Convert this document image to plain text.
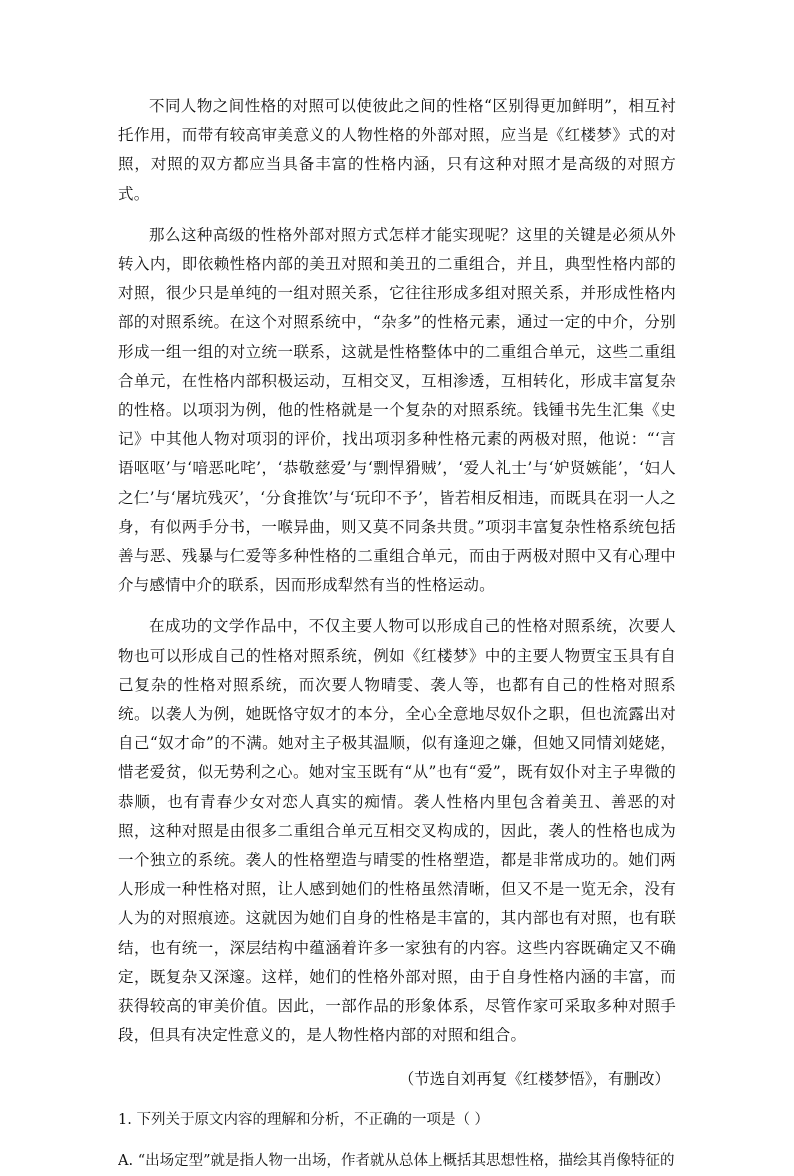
不同人物之间性格的对照可以使彼此之间的性格“区别得更加鲜明”，相互衬托作用，而带有较高审美意义的人物性格的外部对照，应当是《红楼梦》式的对照，对照的双方都应当具备丰富的性格内涵，只有这种对照才是高级的对照方式。

那么这种高级的性格外部对照方式怎样才能实现呢？这里的关键是必须从外转入内，即依赖性格内部的美丑对照和美丑的二重组合，并且，典型性格内部的对照，很少只是单纯的一组对照关系，它往往形成多组对照关系，并形成性格内部的对照系统。在这个对照系统中，“杂多”的性格元素，通过一定的中介，分别形成一组一组的对立统一联系，这就是性格整体中的二重组合单元，这些二重组合单元，在性格内部积极运动，互相交叉，互相渗透，互相转化，形成丰富复杂的性格。以项羽为例，他的性格就是一个复杂的对照系统。钱锺书先生汇集《史记》中其他人物对项羽的评价，找出项羽多种性格元素的两极对照，他说：“‘言语呕呕’与‘喑恶叱咤’，‘恭敬慈爱’与‘剽悍猾贼’，‘爱人礼士’与‘妒贤嫉能’，‘妇人之仁’与‘屠坑残灭’，‘分食推饮’与‘玩印不予’，皆若相反相违，而既具在羽一人之身，有似两手分书，一喉异曲，则又莫不同条共贯。”项羽丰富复杂性格系统包括善与恶、残暴与仁爱等多种性格的二重组合单元，而由于两极对照中又有心理中介与感情中介的联系，因而形成犁然有当的性格运动。

在成功的文学作品中，不仅主要人物可以形成自己的性格对照系统，次要人物也可以形成自己的性格对照系统，例如《红楼梦》中的主要人物贾宝玉具有自己复杂的性格对照系统，而次要人物晴雯、袭人等，也都有自己的性格对照系统。以袭人为例，她既恪守奴才的本分，全心全意地尽奴仆之职，但也流露出对自己“奴才命”的不满。她对主子极其温顺，似有逢迎之嫌，但她又同情刘姥姥，惜老爱贫，似无势利之心。她对宝玉既有“从”也有“爱”，既有奴仆对主子卑微的恭顺，也有青春少女对恋人真实的痴情。袭人性格内里包含着美丑、善恶的对照，这种对照是由很多二重组合单元互相交叉构成的，因此，袭人的性格也成为一个独立的系统。袭人的性格塑造与晴雯的性格塑造，都是非常成功的。她们两人形成一种性格对照，让人感到她们的性格虽然清晰，但又不是一览无余，没有人为的对照痕迹。这就因为她们自身的性格是丰富的，其内部也有对照，也有联结，也有统一，深层结构中蕴涵着许多一家独有的内容。这些内容既确定又不确定，既复杂又深邃。这样，她们的性格外部对照，由于自身性格内涵的丰富，而获得较高的审美价值。因此，一部作品的形象体系，尽管作家可采取多种对照手段，但具有决定性意义的，是人物性格内部的对照和组合。

（节选自刘再复《红楼梦悟》，有删改）

1. 下列关于原文内容的理解和分析，不正确的一项是（ ）

A. “出场定型”就是指人物一出场，作者就从总体上概括其思想性格，描绘其肖像特征的
